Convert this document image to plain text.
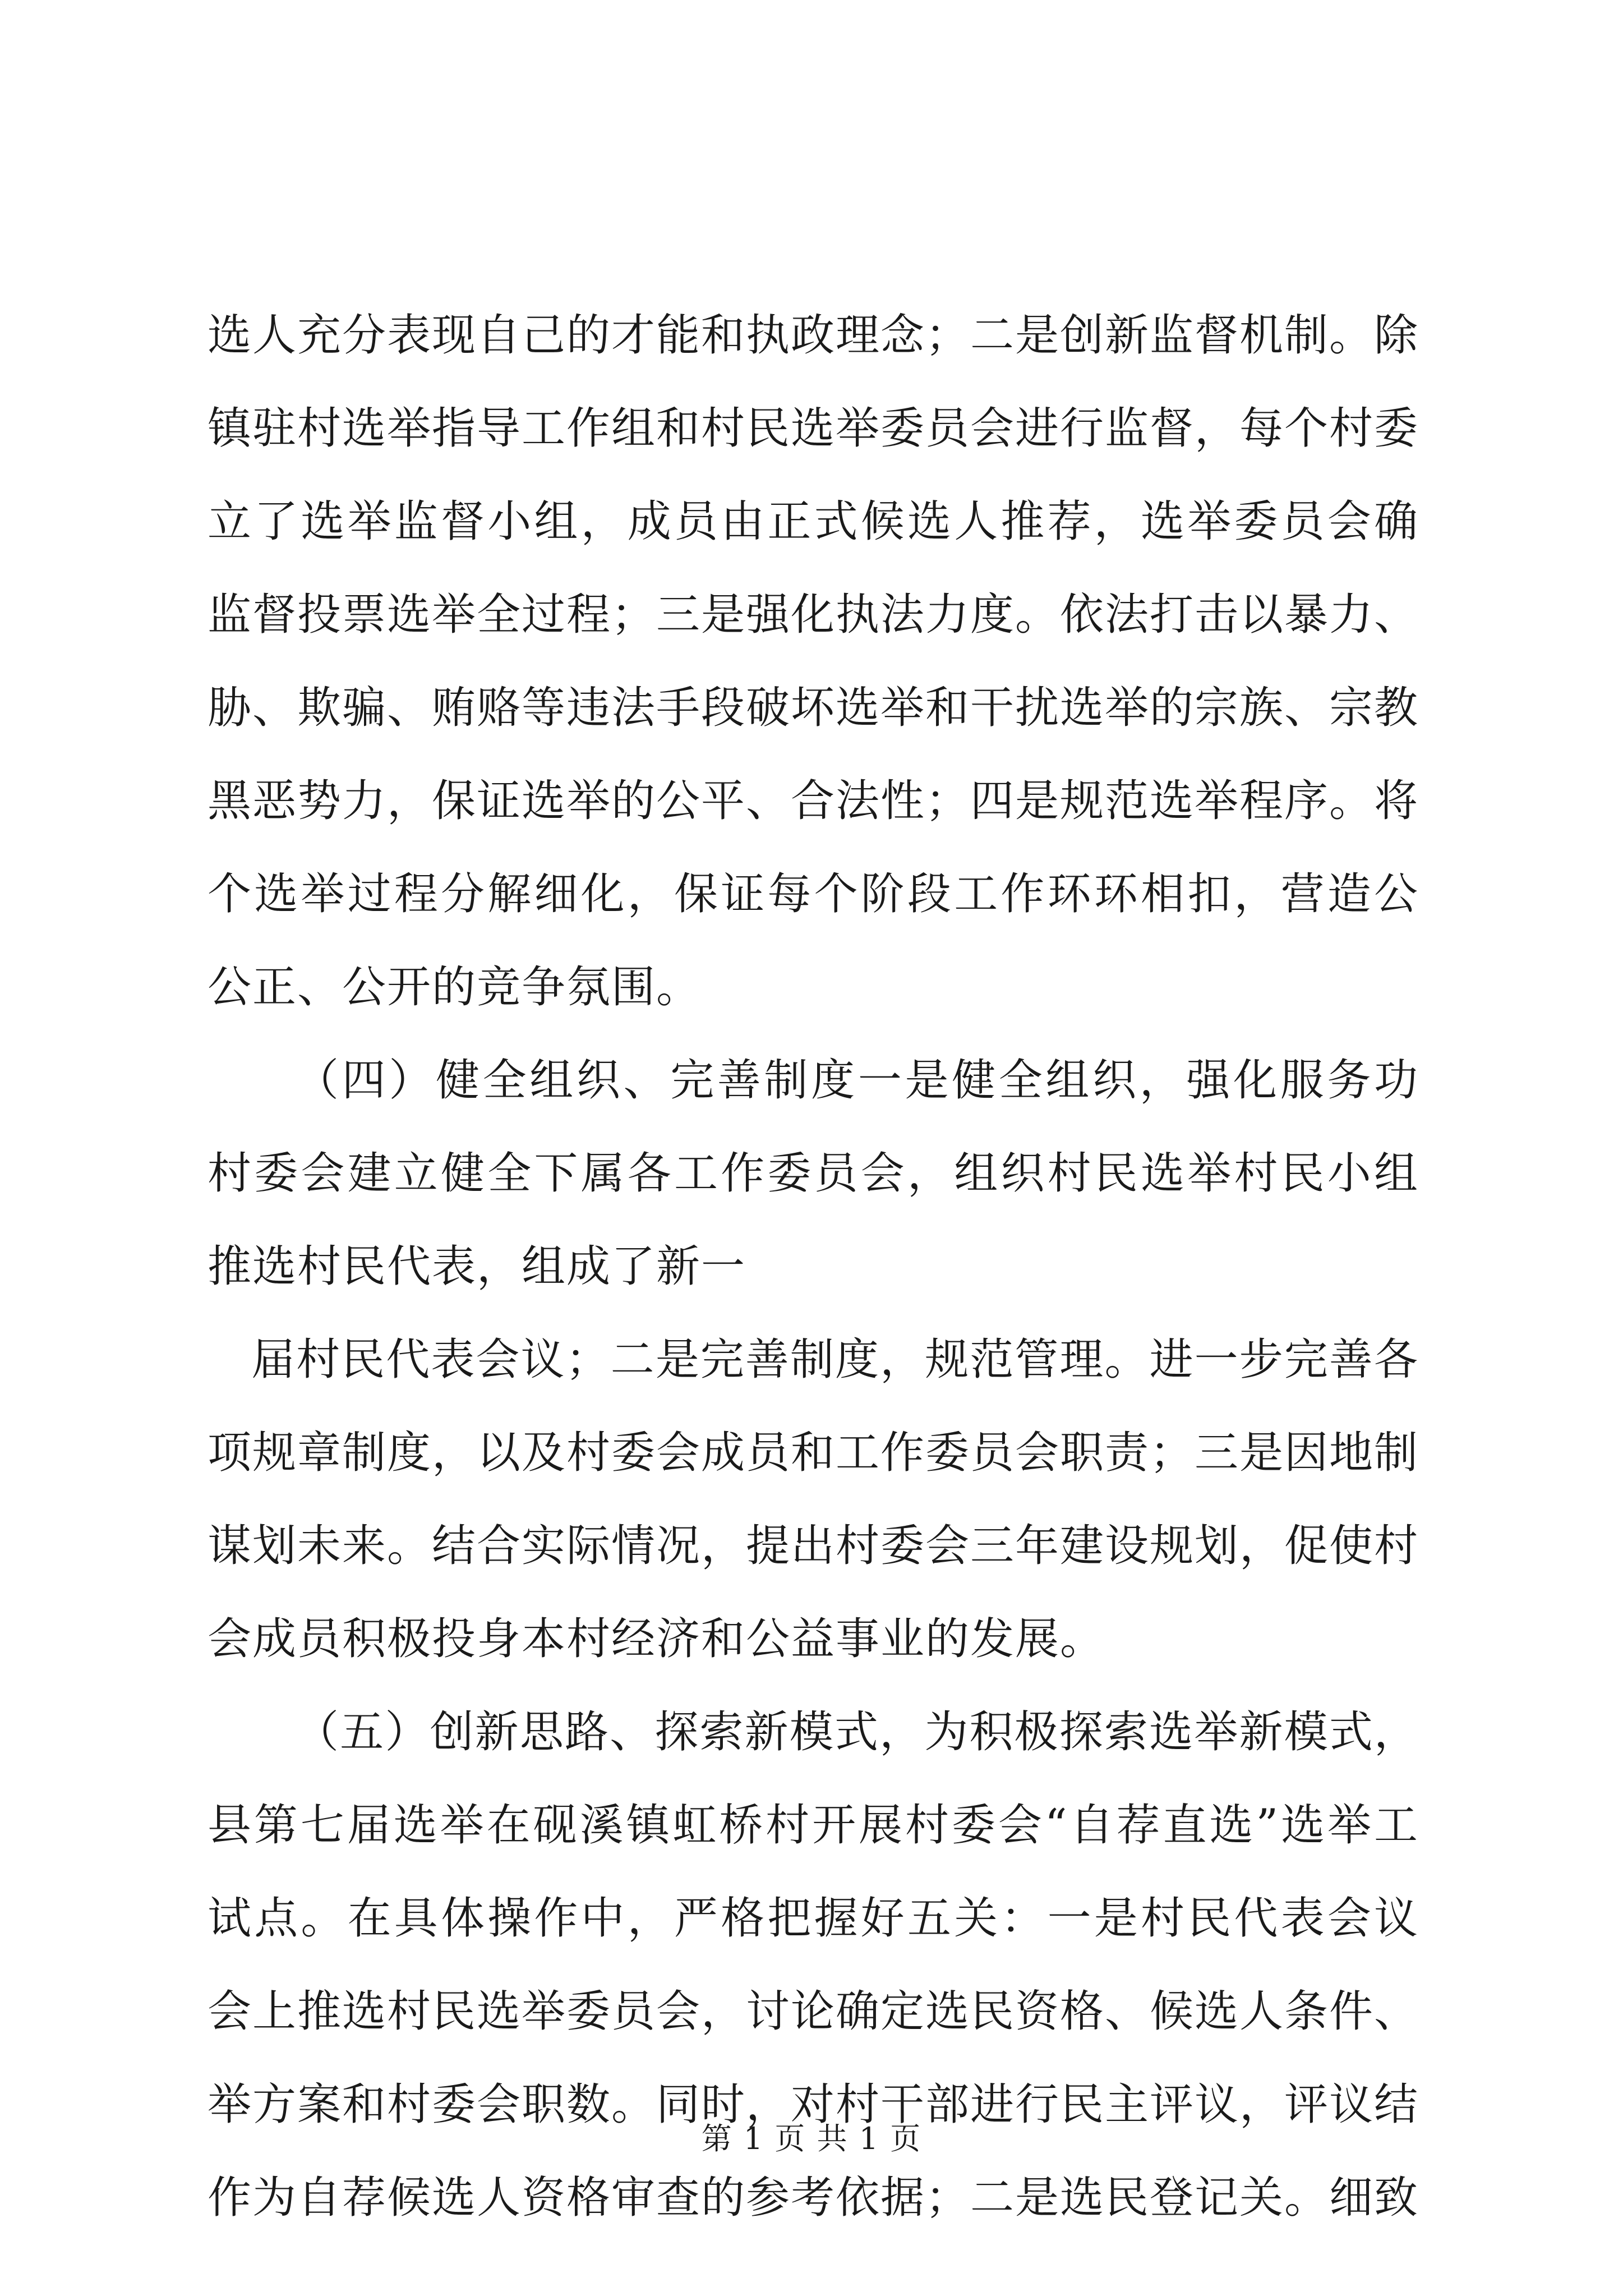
选人充分表现自己的才能和执政理念；二是创新监督机制。除
镇驻村选举指导工作组和村民选举委员会进行监督，每个村委
立了选举监督小组，成员由正式候选人推荐，选举委员会确
监督投票选举全过程；三是强化执法力度。依法打击以暴力、
胁、欺骗、贿赂等违法手段破坏选举和干扰选举的宗族、宗教
黑恶势力，保证选举的公平、合法性；四是规范选举程序。将
个选举过程分解细化，保证每个阶段工作环环相扣，营造公
公正、公开的竞争氛围。
（四）健全组织、完善制度一是健全组织，强化服务功
村委会建立健全下属各工作委员会，组织村民选举村民小组
推选村民代表，组成了新一
届村民代表会议；二是完善制度，规范管理。进一步完善各
项规章制度，以及村委会成员和工作委员会职责；三是因地制
谋划未来。结合实际情况，提出村委会三年建设规划，促使村
会成员积极投身本村经济和公益事业的发展。
（五）创新思路、探索新模式，为积极探索选举新模式，
县第七届选举在砚溪镇虹桥村开展村委会“自荐直选”选举工
试点。在具体操作中，严格把握好五关：一是村民代表会议
会上推选村民选举委员会，讨论确定选民资格、候选人条件、
举方案和村委会职数。同时，对村干部进行民主评议，评议结
作为自荐候选人资格审查的参考依据；二是选民登记关。细致
第 1 页 共 1 页
